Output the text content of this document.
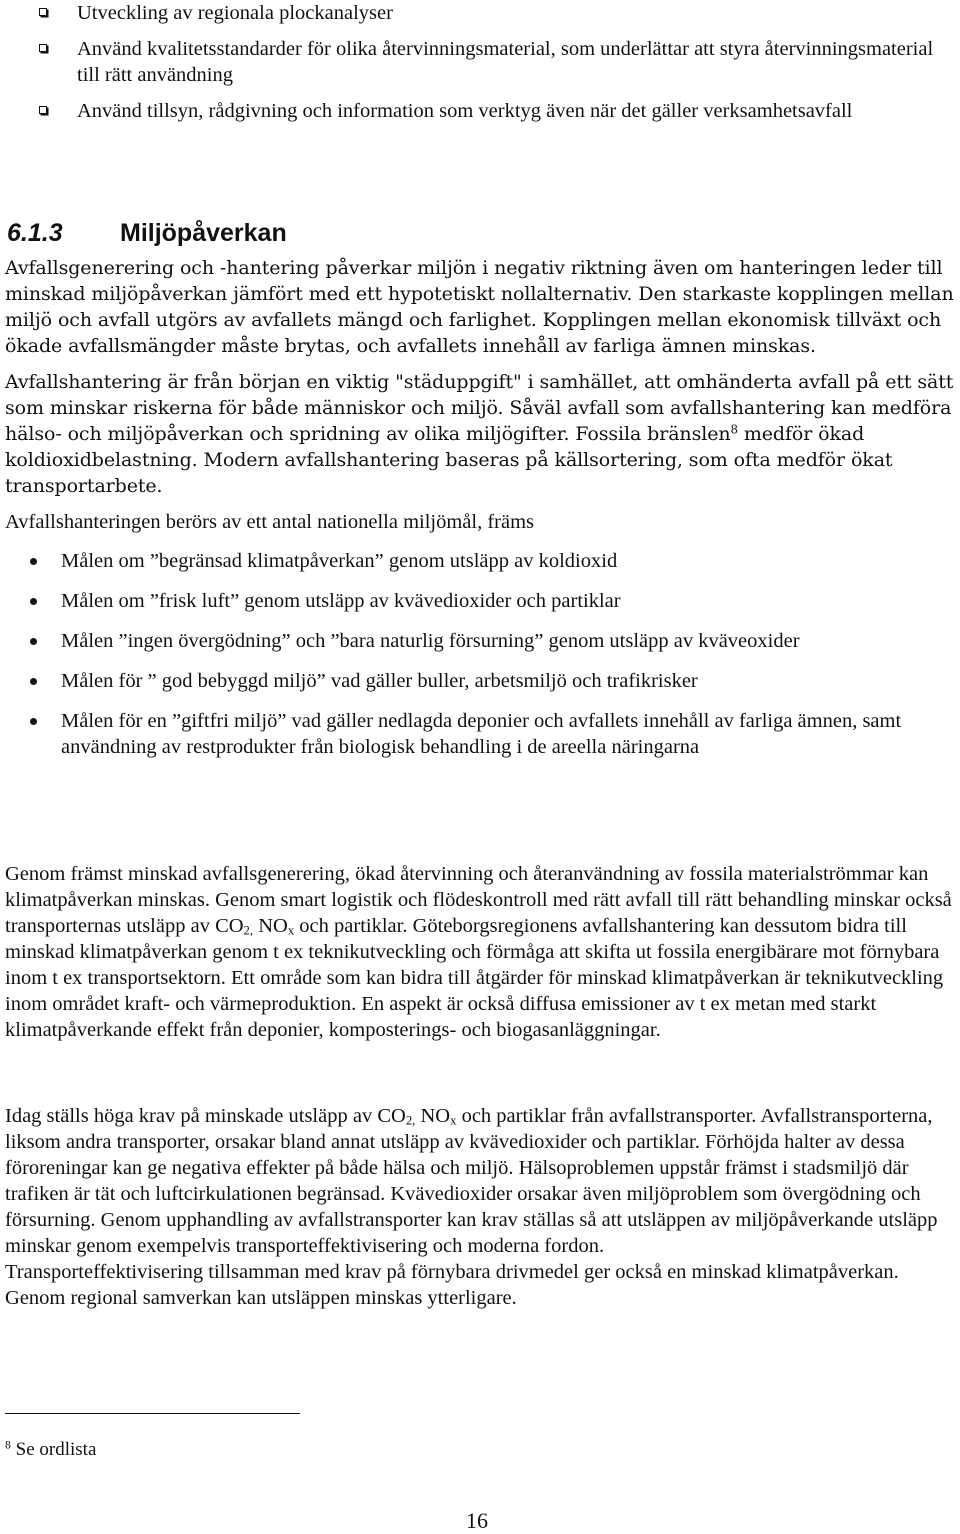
Utveckling av regionala plockanalyser
Använd kvalitetsstandarder för olika återvinningsmaterial, som underlättar att styra återvinningsmaterial till rätt användning
Använd tillsyn, rådgivning och information som verktyg även när det gäller verksamhetsavfall
6.1.3 Miljöpåverkan

Avfallsgenerering och -hantering påverkar miljön i negativ riktning även om hanteringen leder till minskad miljöpåverkan jämfört med ett hypotetiskt nollalternativ. Den starkaste kopplingen mellan miljö och avfall utgörs av avfallets mängd och farlighet. Kopplingen mellan ekonomisk tillväxt och ökade avfallsmängder måste brytas, och avfallets innehåll av farliga ämnen minskas.

Avfallshantering är från början en viktig "städuppgift" i samhället, att omhänderta avfall på ett sätt som minskar riskerna för både människor och miljö. Såväl avfall som avfallshantering kan medföra hälso- och miljöpåverkan och spridning av olika miljögifter. Fossila bränslen$^8$ medför ökad koldioxidbelastning. Modern avfallshantering baseras på källsortering, som ofta medför ökat transportarbete.

Avfallshanteringen berörs av ett antal nationella miljömål, främs

Målen om ”begränsad klimatpåverkan” genom utsläpp av koldioxid
Målen om ”frisk luft” genom utsläpp av kvävedioxider och partiklar
Målen ”ingen övergödning” och ”bara naturlig försurning” genom utsläpp av kväveoxider
Målen för ” god bebyggd miljö” vad gäller buller, arbetsmiljö och trafikrisker
Målen för en ”giftfri miljö” vad gäller nedlagda deponier och avfallets innehåll av farliga ämnen, samt användning av restprodukter från biologisk behandling i de areella näringarna

Genom främst minskad avfallsgenerering, ökad återvinning och återanvändning av fossila materialströmmar kan klimatpåverkan minskas. Genom smart logistik och flödeskontroll med rätt avfall till rätt behandling minskar också transporternas utsläpp av $CO_{2,}$ $NO_x$ och partiklar. Göteborgsregionens avfallshantering kan dessutom bidra till minskad klimatpåverkan genom t ex teknikutveckling och förmåga att skifta ut fossila energibärare mot förnybara inom t ex transportsektorn. Ett område som kan bidra till åtgärder för minskad klimatpåverkan är teknikutveckling inom området kraft- och värmeproduktion. En aspekt är också diffusa emissioner av t ex metan med starkt klimatpåverkande effekt från deponier, komposterings- och biogasanläggningar.

Idag ställs höga krav på minskade utsläpp av $CO_{2,}$ $NO_x$ och partiklar från avfallstransporter. Avfallstransporterna, liksom andra transporter, orsakar bland annat utsläpp av kvävedioxider och partiklar. Förhöjda halter av dessa föroreningar kan ge negativa effekter på både hälsa och miljö. Hälsoproblemen uppstår främst i stadsmiljö där trafiken är tät och luftcirkulationen begränsad. Kvävedioxider orsakar även miljöproblem som övergödning och försurning. Genom upphandling av avfallstransporter kan krav ställas så att utsläppen av miljöpåverkande utsläpp minskar genom exempelvis transporteffektivisering och moderna fordon.
Transporteffektivisering tillsamman med krav på förnybara drivmedel ger också en minskad klimatpåverkan. Genom regional samverkan kan utsläppen minskas ytterligare.

$^8$ Se ordlista
16
